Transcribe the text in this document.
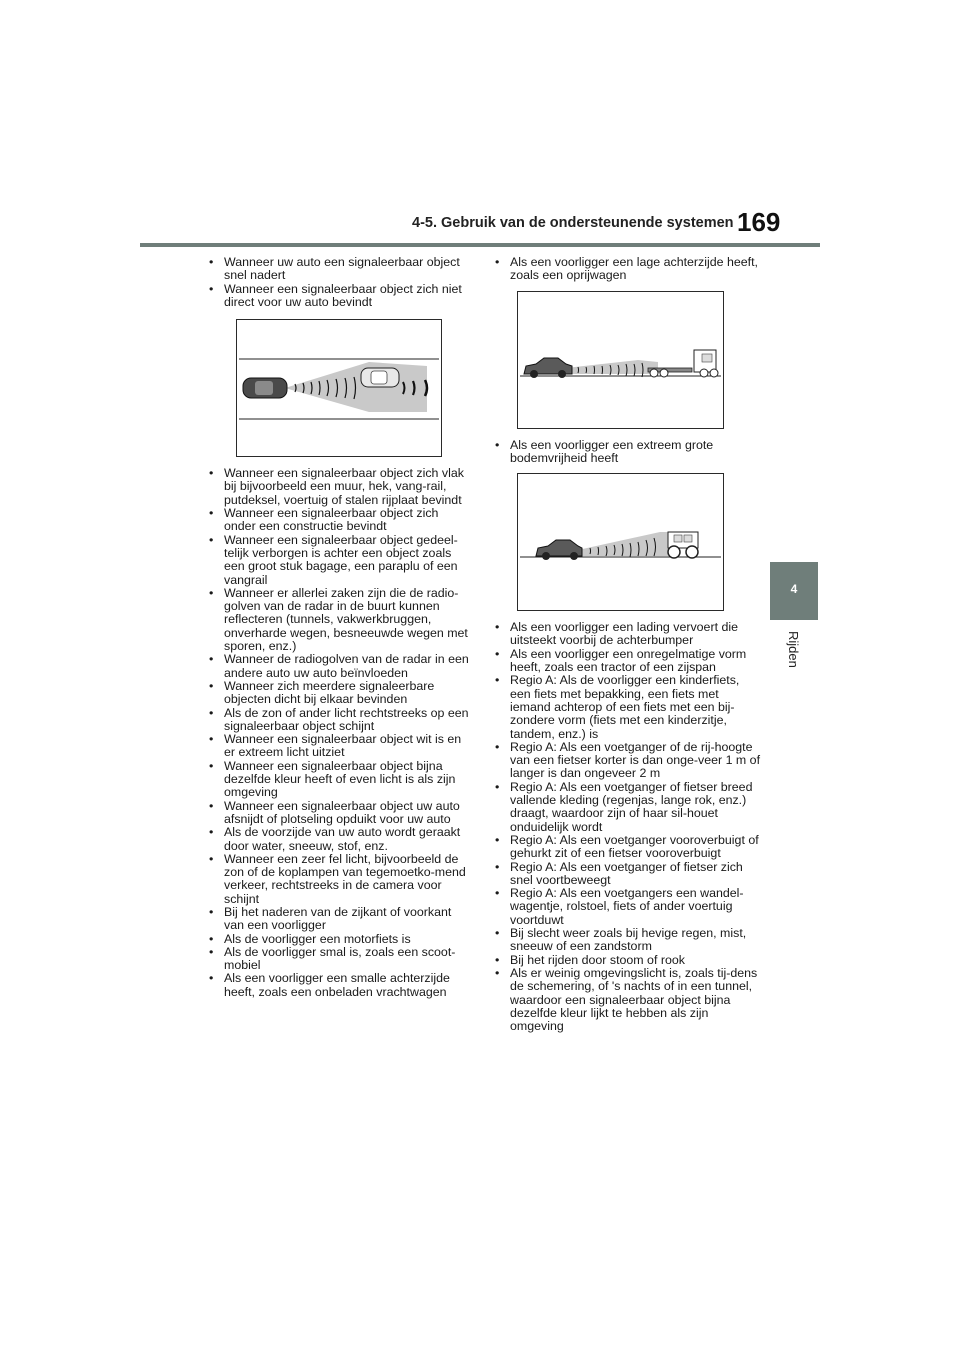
4-5. Gebruik van de ondersteunende systemen 169
4
Rijden
• Wanneer uw auto een signaleerbaar object snel nadert
• Wanneer een signaleerbaar object zich niet direct voor uw auto bevindt
• Wanneer een signaleerbaar object zich vlak bij bijvoorbeeld een muur, hek, vang-rail, putdeksel, voertuig of stalen rijplaat bevindt
• Wanneer een signaleerbaar object zich onder een constructie bevindt
• Wanneer een signaleerbaar object gedeel-telijk verborgen is achter een object zoals een groot stuk bagage, een paraplu of een vangrail
• Wanneer er allerlei zaken zijn die de radio-golven van de radar in de buurt kunnen reflecteren (tunnels, vakwerkbruggen, onverharde wegen, besneeuwde wegen met sporen, enz.)
• Wanneer de radiogolven van de radar in een andere auto uw auto beïnvloeden
• Wanneer zich meerdere signaleerbare objecten dicht bij elkaar bevinden
• Als de zon of ander licht rechtstreeks op een signaleerbaar object schijnt
• Wanneer een signaleerbaar object wit is en er extreem licht uitziet
• Wanneer een signaleerbaar object bijna dezelfde kleur heeft of even licht is als zijn omgeving
• Wanneer een signaleerbaar object uw auto afsnijdt of plotseling opduikt voor uw auto
• Als de voorzijde van uw auto wordt geraakt door water, sneeuw, stof, enz.
• Wanneer een zeer fel licht, bijvoorbeeld de zon of de koplampen van tegemoetko-mend verkeer, rechtstreeks in de camera voor schijnt
• Bij het naderen van de zijkant of voorkant van een voorligger
• Als de voorligger een motorfiets is
• Als de voorligger smal is, zoals een scoot-mobiel
• Als een voorligger een smalle achterzijde heeft, zoals een onbeladen vrachtwagen
• Als een voorligger een lage achterzijde heeft, zoals een oprijwagen
• Als een voorligger een extreem grote bodemvrijheid heeft
• Als een voorligger een lading vervoert die uitsteekt voorbij de achterbumper
• Als een voorligger een onregelmatige vorm heeft, zoals een tractor of een zijspan
• Regio A: Als de voorligger een kinderfiets, een fiets met bepakking, een fiets met iemand achterop of een fiets met een bij-zondere vorm (fiets met een kinderzitje, tandem, enz.) is
• Regio A: Als een voetganger of de rij-hoogte van een fietser korter is dan onge-veer 1 m of langer is dan ongeveer 2 m
• Regio A: Als een voetganger of fietser breed vallende kleding (regenjas, lange rok, enz.) draagt, waardoor zijn of haar sil-houet onduidelijk wordt
• Regio A: Als een voetganger vooroverbuigt of gehurkt zit of een fietser vooroverbuigt
• Regio A: Als een voetganger of fietser zich snel voortbeweegt
• Regio A: Als een voetgangers een wandel-wagentje, rolstoel, fiets of ander voertuig voortduwt
• Bij slecht weer zoals bij hevige regen, mist, sneeuw of een zandstorm
• Bij het rijden door stoom of rook
• Als er weinig omgevingslicht is, zoals tij-dens de schemering, of 's nachts of in een tunnel, waardoor een signaleerbaar object bijna dezelfde kleur lijkt te hebben als zijn omgeving
